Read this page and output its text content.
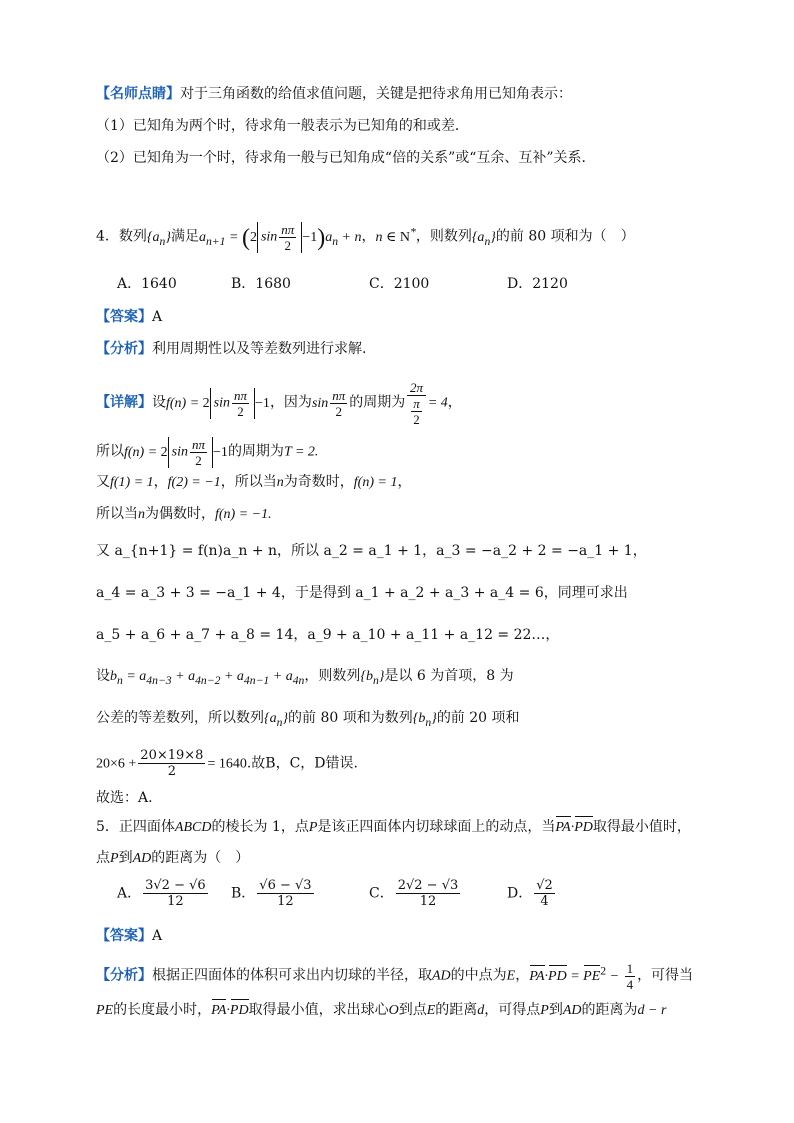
【名师点睛】对于三角函数的给值求值问题，关键是把待求角用已知角表示：
（1）已知角为两个时，待求角一般表示为已知角的和或差．
（2）已知角为一个时，待求角一般与已知角成“倍的关系”或“互余、互补”关系．
4．数列$\{a_n\}$满足$a_{n+1} = (2$ $\sin \frac{n\pi}{2} -1)a_n + n$，n ∈ N*，则数列$\{a_n\}$的前 80 项和为（　）
A．1640	B．1680	C．2100	D．2120
【答案】A
【分析】利用周期性以及等差数列进行求解.
【详解】设f(n) = 2 $\sin \frac{n\pi}{2} -1$，因为$\sin \frac{n\pi}{2}$ 的周期为 $\frac{2\pi}{\frac{\pi}{2}} = 4$，
所以f(n) = 2 $\sin \frac{n\pi}{2} -1$的周期为T = 2.
又f(1) = 1，f(2) = −1，所以当n为奇数时，f(n) = 1，
所以当n为偶数时，f(n) = −1.
又 a_{n+1} = f(n)a_n + n，所以 a_2 = a_1 + 1，a_3 = −a_2 + 2 = −a_1 + 1，
a_4 = a_3 + 3 = −a_1 + 4，于是得到 a_1 + a_2 + a_3 + a_4 = 6，同理可求出
a_5 + a_6 + a_7 + a_8 = 14，a_9 + a_10 + a_11 + a_12 = 22…，
设$b_n = a_{4n-3} + a_{4n-2} + a_{4n-1} + a_{4n}$，则数列$\{b_n\}$是以 6 为首项，8 为
公差的等差数列，所以数列$\{a_n\}$的前 80 项和为数列$\{b_n\}$的前 20 项和
$20\times 6 + \frac{20\times 19\times 8}{2} = 1640$.故B，C，D错误.
故选：A.
5．正四面体ABCD的棱长为 1，点P是该正四面体内切球球面上的动点，当PA·PD取得最小值时，
点P到AD的距离为（　）
A． $\frac{3√2 - √6}{12}$ B． $\frac{√6 - √3}{12}$	C． $\frac{2√2 - √3}{12}$	D． $\frac{√2}{4}$
【答案】A
【分析】根据正四面体的体积可求出内切球的半径，取AD的中点为E，$PA\cdot PD = PE^2 - \frac{1}{4}$ ，可得当
PE的长度最小时，PA·PD取得最小值，求出球心O到点E的距离d，可得点P到AD的距离为d − r
